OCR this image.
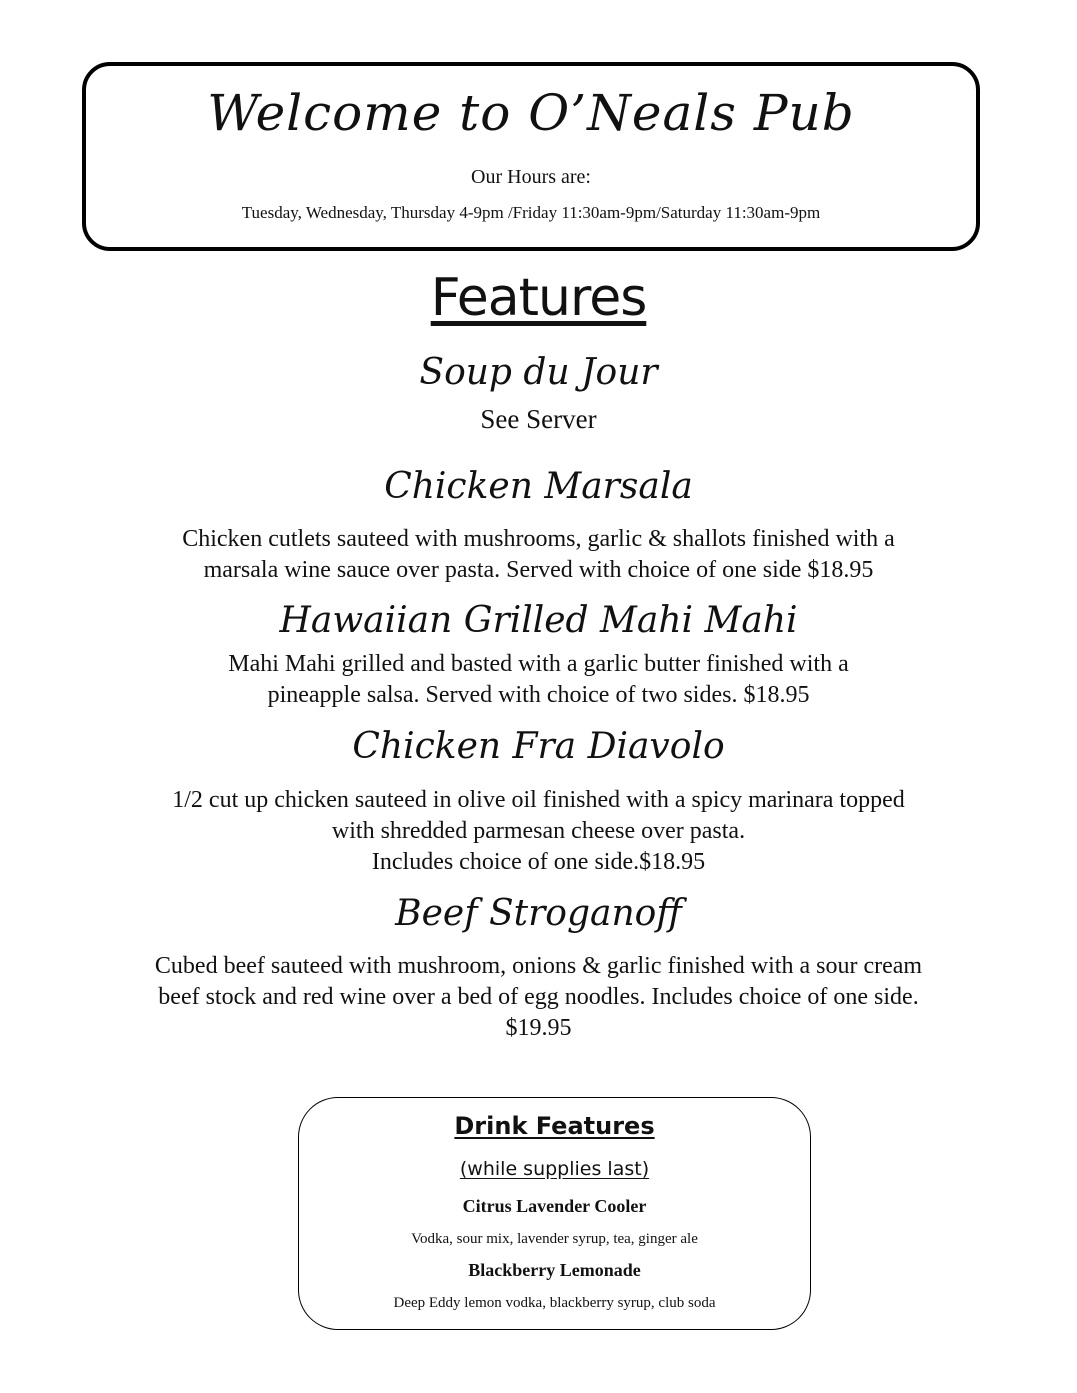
Welcome to O’Neals Pub
Our Hours are:
Tuesday, Wednesday, Thursday 4-9pm /Friday 11:30am-9pm/Saturday 11:30am-9pm
Features
Soup du Jour
See Server
Chicken Marsala
Chicken cutlets sauteed with mushrooms, garlic & shallots finished with a
marsala wine sauce over pasta. Served with choice of one side $18.95
Hawaiian Grilled Mahi Mahi
Mahi Mahi grilled and basted with a garlic butter finished with a
pineapple salsa. Served with choice of two sides. $18.95
Chicken Fra Diavolo
1/2 cut up chicken sauteed in olive oil finished with a spicy marinara topped
with shredded parmesan cheese over pasta.
Includes choice of one side.$18.95
Beef Stroganoff
Cubed beef sauteed with mushroom, onions & garlic finished with a sour cream
beef stock and red wine over a bed of egg noodles. Includes choice of one side.
$19.95
Drink Features
(while supplies last)
Citrus Lavender Cooler
Vodka, sour mix, lavender syrup, tea, ginger ale
Blackberry Lemonade
Deep Eddy lemon vodka, blackberry syrup, club soda
